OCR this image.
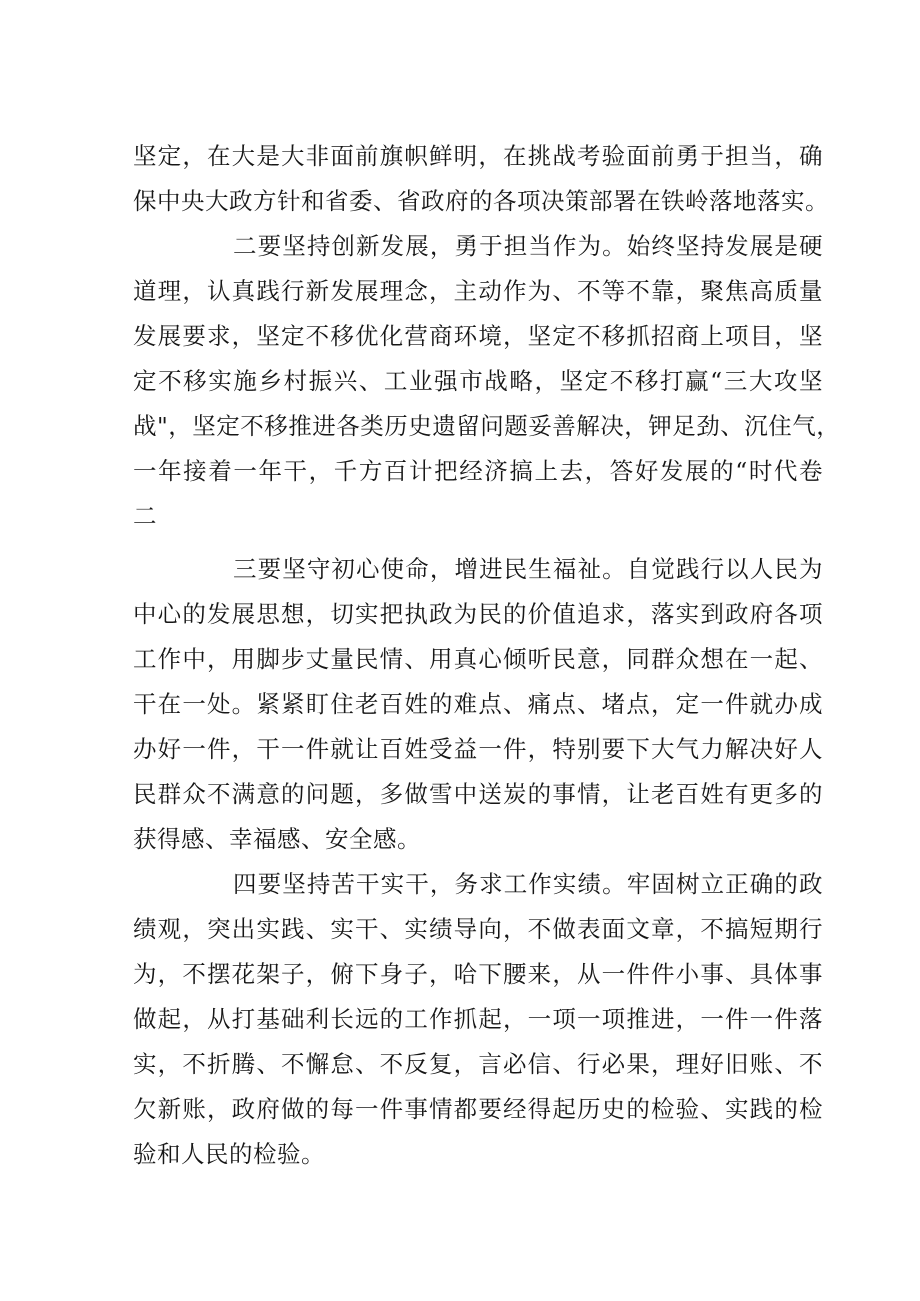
坚定，在大是大非面前旗帜鲜明，在挑战考验面前勇于担当，确
保中央大政方针和省委、省政府的各项决策部署在铁岭落地落实。
二要坚持创新发展，勇于担当作为。始终坚持发展是硬
道理，认真践行新发展理念，主动作为、不等不靠，聚焦高质量
发展要求，坚定不移优化营商环境，坚定不移抓招商上项目，坚
定不移实施乡村振兴、工业强市战略，坚定不移打赢“三大攻坚
战"，坚定不移推进各类历史遗留问题妥善解决，钾足劲、沉住气，
一年接着一年干，千方百计把经济搞上去，答好发展的“时代卷
二
三要坚守初心使命，增进民生福祉。自觉践行以人民为
中心的发展思想，切实把执政为民的价值追求，落实到政府各项
工作中，用脚步丈量民情、用真心倾听民意，同群众想在一起、
干在一处。紧紧盯住老百姓的难点、痛点、堵点，定一件就办成
办好一件，干一件就让百姓受益一件，特别要下大气力解决好人
民群众不满意的问题，多做雪中送炭的事情，让老百姓有更多的
获得感、幸福感、安全感。
四要坚持苦干实干，务求工作实绩。牢固树立正确的政
绩观，突出实践、实干、实绩导向，不做表面文章，不搞短期行
为，不摆花架子，俯下身子，哈下腰来，从一件件小事、具体事
做起，从打基础利长远的工作抓起，一项一项推进，一件一件落
实，不折腾、不懈怠、不反复，言必信、行必果，理好旧账、不
欠新账，政府做的每一件事情都要经得起历史的检验、实践的检
验和人民的检验。
